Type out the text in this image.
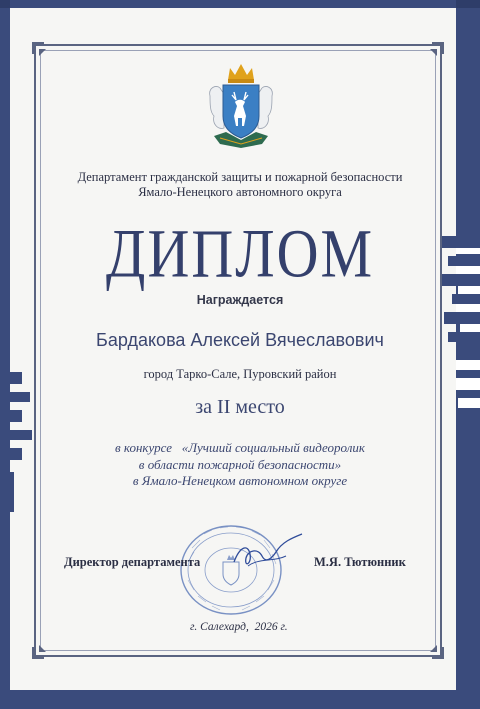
Департамент гражданской защиты и пожарной безопасности
Ямало-Ненецкого автономного округа
ДИПЛОМ
Награждается
Бардакова Алексей Вячеславович
город Тарко-Сале, Пуровский район
за II место
в конкурсе   «Лучший социальный видеоролик
в области пожарной безопасности»
в Ямало-Ненецком автономном округе
Директор департамента	М.Я. Тютюнник
г. Салехард,  2026 г.
